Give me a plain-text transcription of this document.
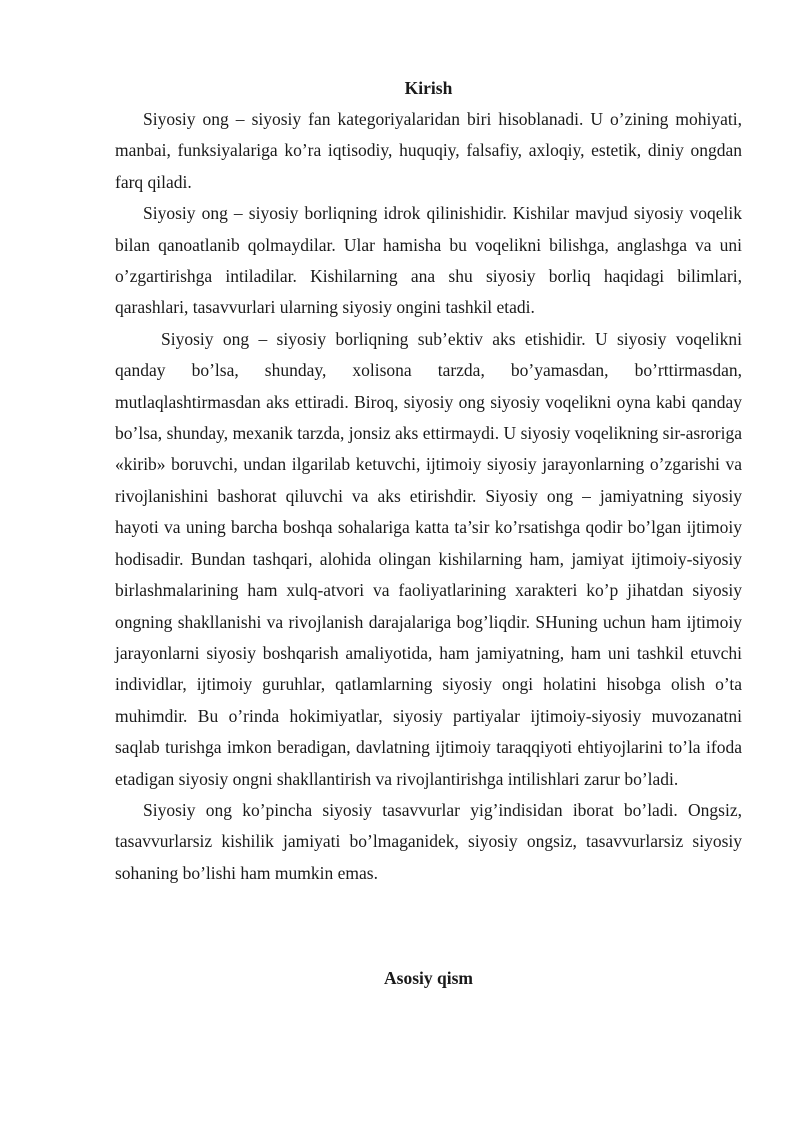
Kirish

Siyosiy ong – siyosiy fan kategoriyalaridan biri hisoblanadi. U o’zining mohiyati, manbai, funksiyalariga ko’ra iqtisodiy, huquqiy, falsafiy, axloqiy, estetik, diniy ongdan farq qiladi.

Siyosiy ong – siyosiy borliqning idrok qilinishidir. Kishilar mavjud siyosiy voqelik bilan qanoatlanib qolmaydilar. Ular hamisha bu voqelikni bilishga, anglashga va uni o’zgartirishga intiladilar. Kishilarning ana shu siyosiy borliq haqidagi bilimlari, qarashlari, tasavvurlari ularning siyosiy ongini tashkil etadi.

Siyosiy ong – siyosiy borliqning sub’ektiv aks etishidir. U siyosiy voqelikni qanday bo’lsa, shunday, xolisona tarzda, bo’yamasdan, bo’rttirmasdan, mutlaqlashtirmasdan aks ettiradi. Biroq, siyosiy ong siyosiy voqelikni oyna kabi qanday bo’lsa, shunday, mexanik tarzda, jonsiz aks ettirmaydi. U siyosiy voqelikning sir-asroriga «kirib» boruvchi, undan ilgarilab ketuvchi, ijtimoiy siyosiy jarayonlarning o’zgarishi va rivojlanishini bashorat qiluvchi va aks etirishdir. Siyosiy ong – jamiyatning siyosiy hayoti va uning barcha boshqa sohalariga katta ta’sir ko’rsatishga qodir bo’lgan ijtimoiy hodisadir. Bundan tashqari, alohida olingan kishilarning ham, jamiyat ijtimoiy-siyosiy birlashmalarining ham xulq-atvori va faoliyatlarining xarakteri ko’p jihatdan siyosiy ongning shakllanishi va rivojlanish darajalariga bog’liqdir. SHuning uchun ham ijtimoiy jarayonlarni siyosiy boshqarish amaliyotida, ham jamiyatning, ham uni tashkil etuvchi individlar, ijtimoiy guruhlar, qatlamlarning siyosiy ongi holatini hisobga olish o’ta muhimdir. Bu o’rinda hokimiyatlar, siyosiy partiyalar ijtimoiy-siyosiy muvozanatni saqlab turishga imkon beradigan, davlatning ijtimoiy taraqqiyoti ehtiyojlarini to’la ifoda etadigan siyosiy ongni shakllantirish va rivojlantirishga intilishlari zarur bo’ladi.

Siyosiy ong ko’pincha siyosiy tasavvurlar yig’indisidan iborat bo’ladi. Ongsiz, tasavvurlarsiz kishilik jamiyati bo’lmaganidek, siyosiy ongsiz, tasavvurlarsiz siyosiy sohaning bo’lishi ham mumkin emas.

Asosiy qism
